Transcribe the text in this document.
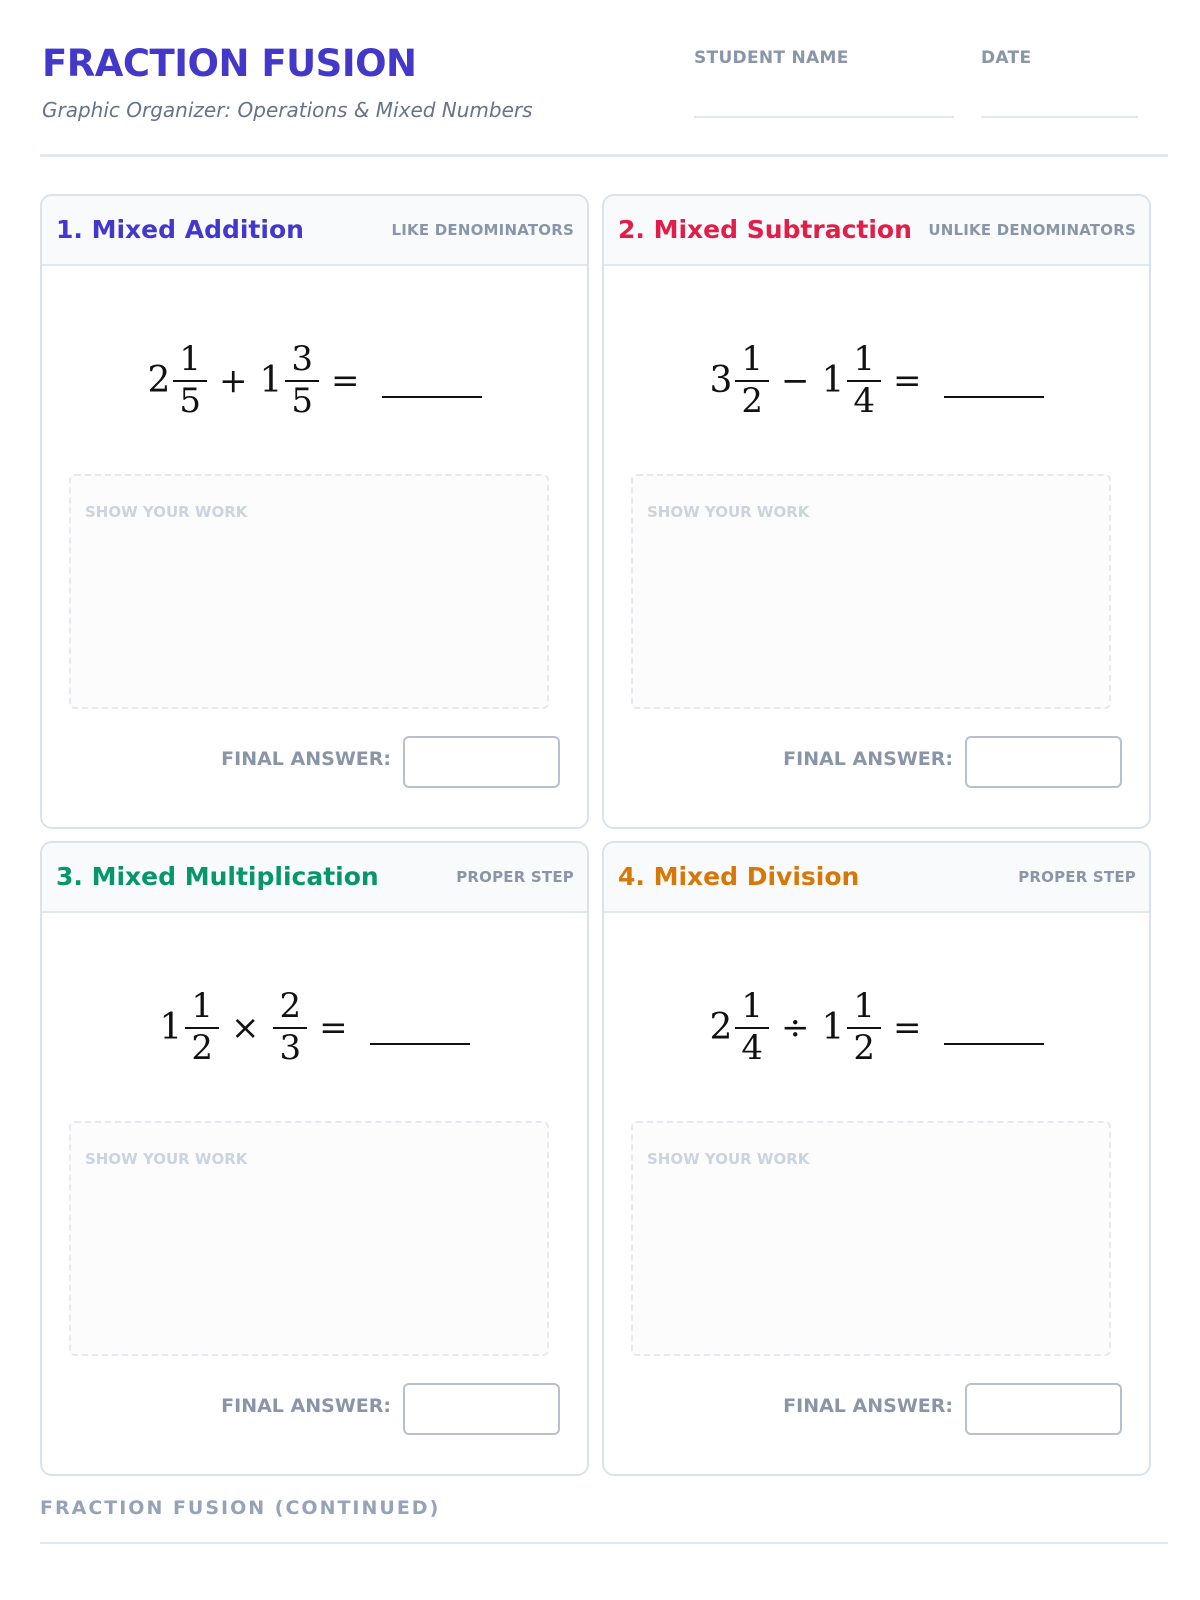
FRACTION FUSION
Graphic Organizer: Operations & Mixed Numbers
STUDENT NAME	DATE
1. Mixed Addition	LIKE DENOMINATORS
$2 \frac{1}{5} + 1 \frac{3}{5}$ =
SHOW YOUR WORK
FINAL ANSWER:
2. Mixed Subtraction UNLIKE DENOMINATORS
$3 \frac{1}{2} - 1 \frac{1}{4}$ =
SHOW YOUR WORK
FINAL ANSWER:
3. Mixed Multiplication	PROPER STEP
$1 \frac{1}{2} \times \frac{2}{3}$ =
SHOW YOUR WORK
FINAL ANSWER:
4. Mixed Division	PROPER STEP
$2 \frac{1}{4} \div 1 \frac{1}{2}$ =
SHOW YOUR WORK
FINAL ANSWER:
FRACTION FUSION (CONTINUED)
